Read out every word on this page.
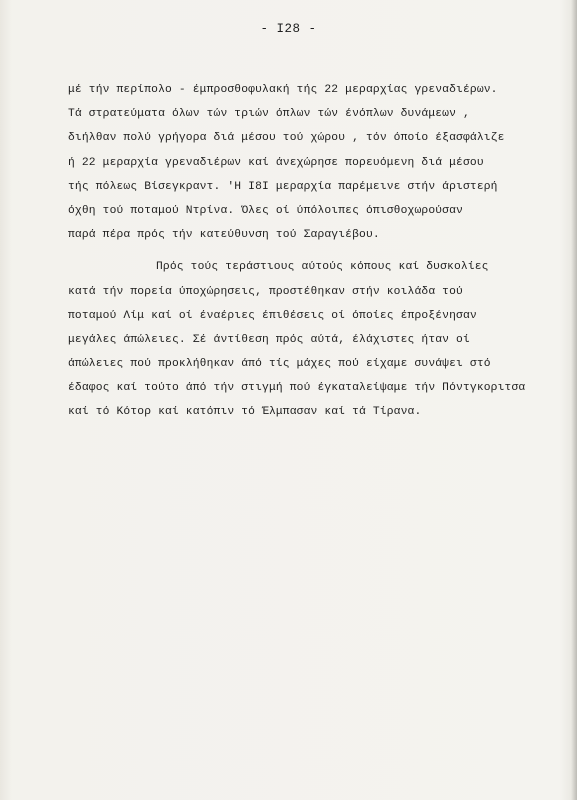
- I28 -
μέ τήν περίπολο - έμπροσθοφυλακή τής 22 μεραρχίας γρεναδιέρων.
Τά στρατεύματα όλων τών τριών όπλων τών ένόπλων δυνάμεων ,
διήλθαν πολύ γρήγορα διά μέσου τού χώρου , τόν όποίο έξασφάλιζε
ή 22 μεραρχία γρεναδιέρων καί άνεχώρησε πορευόμενη διά μέσου
τής πόλεως Βίσεγκραντ. 'Η Ι8Ι μεραρχία παρέμεινε στήν άριστερή
όχθη τού ποταμού Ντρίνα. Όλες οί ύπόλοιπες όπισθοχωρούσαν
παρά πέρα πρός τήν κατεύθυνση τού Σαραγιέβου.
Πρός τούς τεράστιους αύτούς κόπους καί δυσκολίες
κατά τήν πορεία ύποχώρησεις, προστέθηκαν στήν κοιλάδα τού
ποταμού Λίμ καί οί έναέριες έπιθέσεις οί όποίες έπροξένησαν
μεγάλες άπώλειες. Σέ άντίθεση πρός αύτά, έλάχιστες ήταν οί
άπώλειες πού προκλήθηκαν άπό τίς μάχες πού είχαμε συνάψει στό
έδαφος καί τούτο άπό τήν στιγμή πού έγκαταλείψαμε τήν Πόντγκοριτσα
καί τό Κότορ καί κατόπιν τό Έλμπασαν καί τά Τίρανα.
